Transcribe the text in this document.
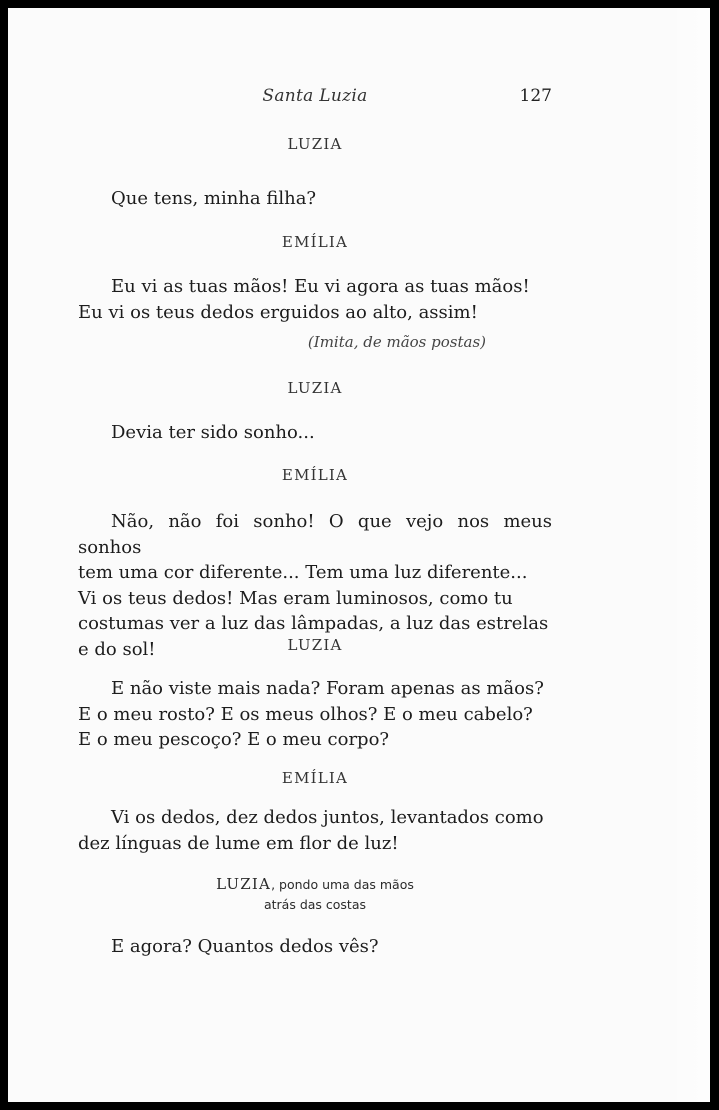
Santa Luzia	127
LUZIA

Que tens, minha filha?

EMÍLIA

Eu vi as tuas mãos! Eu vi agora as tuas mãos!

Eu vi os teus dedos erguidos ao alto, assim!

(Imita, de mãos postas)
LUZIA

Devia ter sido sonho...

EMÍLIA

Não, não foi sonho! O que vejo nos meus sonhos

tem uma cor diferente... Tem uma luz diferente...

Vi os teus dedos! Mas eram luminosos, como tu

costumas ver a luz das lâmpadas, a luz das estrelas

e do sol!	LUZIA

E não viste mais nada? Foram apenas as mãos?

E o meu rosto? E os meus olhos? E o meu cabelo?

E o meu pescoço? E o meu corpo?

EMÍLIA

Vi os dedos, dez dedos juntos, levantados como

dez línguas de lume em flor de luz!

LUZIA, pondo uma das mãos
atrás das costas

E agora? Quantos dedos vês?
